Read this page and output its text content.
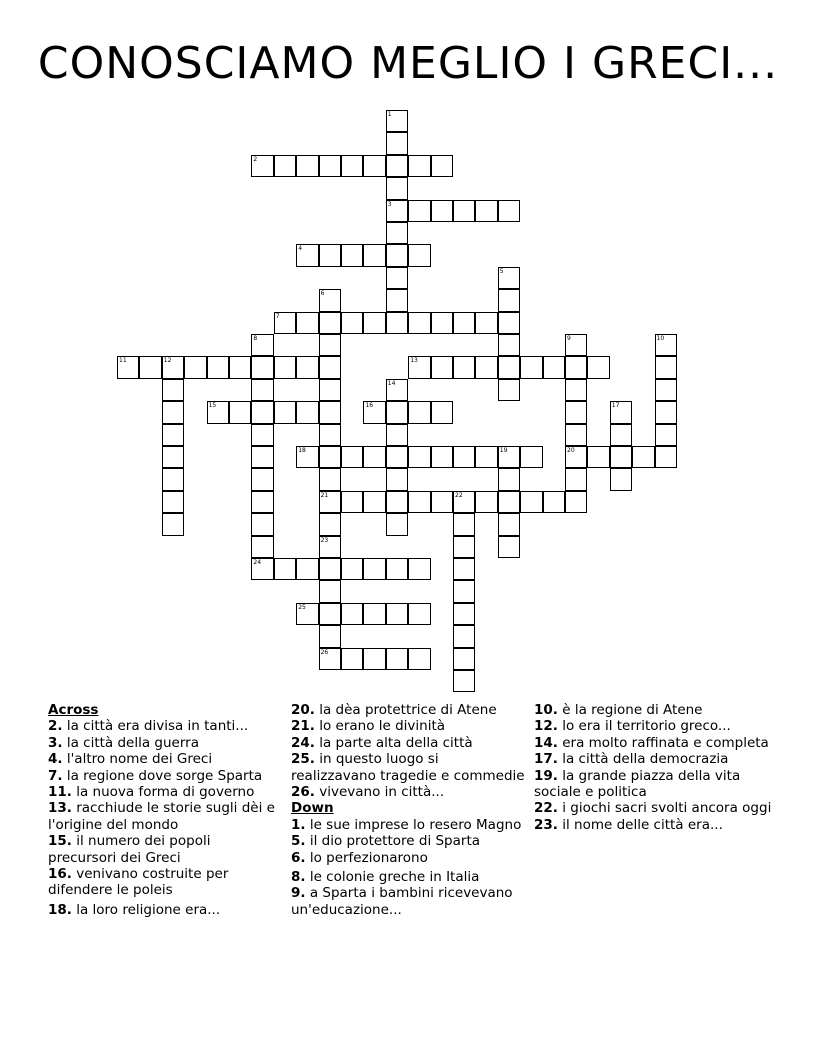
CONOSCIAMO MEGLIO I GRECI...
1
3
2
4
5
6
21
7
8
24
9
20
10
11	12	13
14
15	16	17
18	19
22
23
26
25
Across
2. la città era divisa in tanti...
3. la città della guerra
4. l'altro nome dei Greci
7. la regione dove sorge Sparta
11. la nuova forma di governo
13. racchiude le storie sugli dèi e l'origine del mondo
15. il numero dei popoli precursori dei Greci
16. venivano costruite per difendere le poleis
18. la loro religione era...
20. la dèa protettrice di Atene
21. lo erano le divinità
24. la parte alta della città
25. in questo luogo si realizzavano tragedie e commedie
26. vivevano in città...
Down
1. le sue imprese lo resero Magno
5. il dio protettore di Sparta
6. lo perfezionarono
8. le colonie greche in Italia
9. a Sparta i bambini ricevevano un'educazione...
10. è la regione di Atene
12. lo era il territorio greco...
14. era molto raffinata e completa
17. la città della democrazia
19. la grande piazza della vita sociale e politica
22. i giochi sacri svolti ancora oggi
23. il nome delle città era...
